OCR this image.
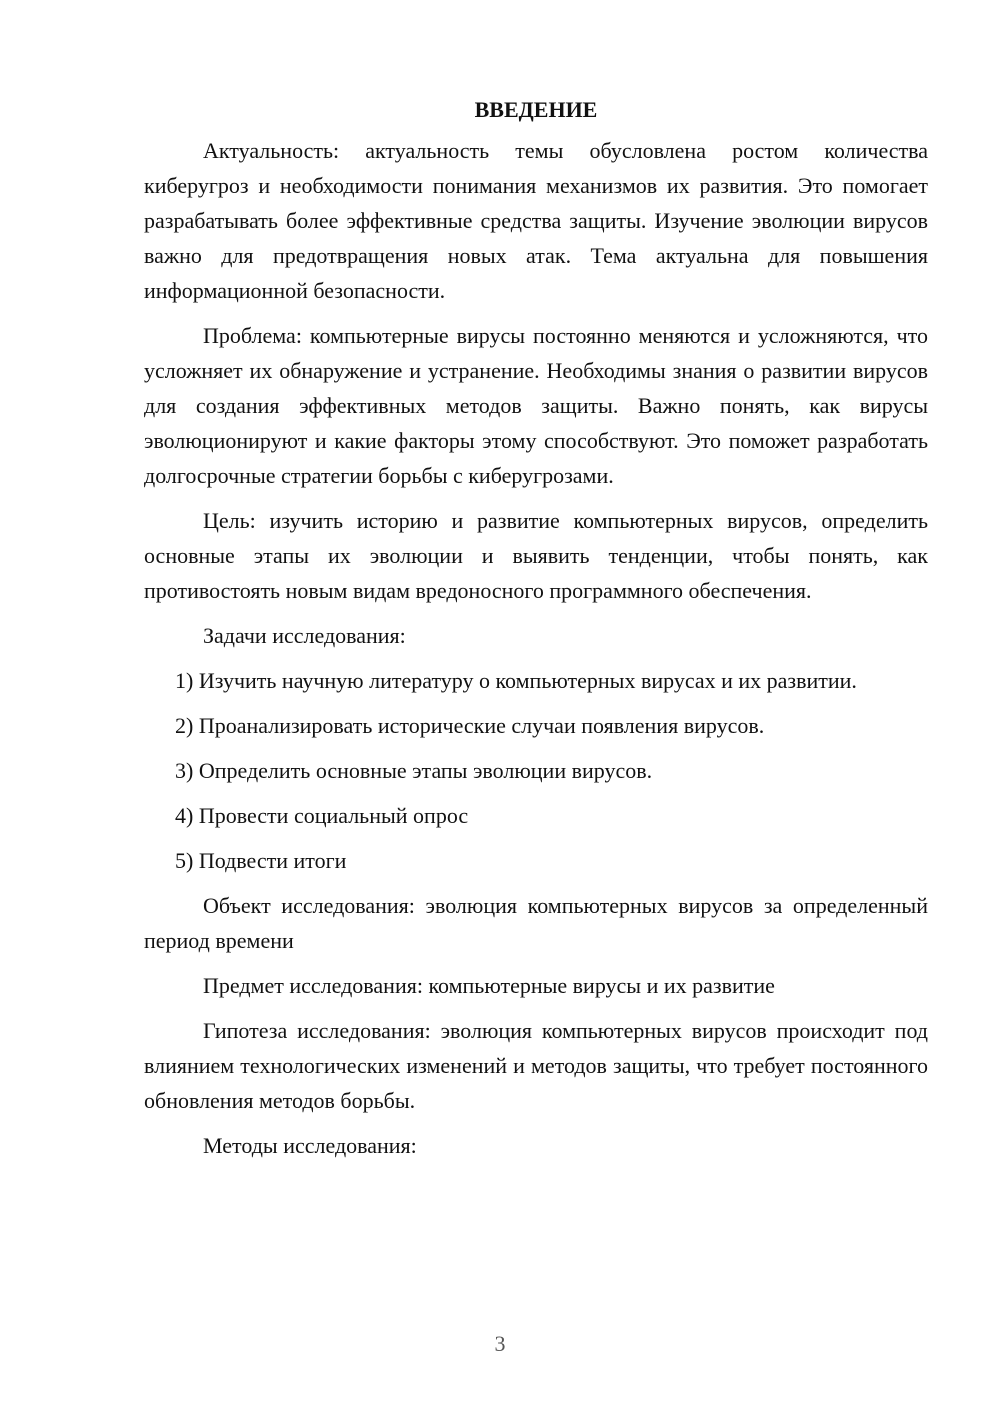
ВВЕДЕНИЕ

Актуальность: актуальность темы обусловлена ростом количества киберугроз и необходимости понимания механизмов их развития. Это помогает разрабатывать более эффективные средства защиты. Изучение эволюции вирусов важно для предотвращения новых атак. Тема актуальна для повышения информационной безопасности.

Проблема: компьютерные вирусы постоянно меняются и усложняются, что усложняет их обнаружение и устранение. Необходимы знания о развитии вирусов для создания эффективных методов защиты. Важно понять, как вирусы эволюционируют и какие факторы этому способствуют. Это поможет разработать долгосрочные стратегии борьбы с киберугрозами.

Цель: изучить историю и развитие компьютерных вирусов, определить основные этапы их эволюции и выявить тенденции, чтобы понять, как противостоять новым видам вредоносного программного обеспечения.

Задачи исследования:

1) Изучить научную литературу о компьютерных вирусах и их развитии.

2) Проанализировать исторические случаи появления вирусов.

3) Определить основные этапы эволюции вирусов.

4) Провести социальный опрос

5) Подвести итоги

Объект исследования: эволюция компьютерных вирусов за определенный период времени

Предмет исследования: компьютерные вирусы и их развитие

Гипотеза исследования: эволюция компьютерных вирусов происходит под влиянием технологических изменений и методов защиты, что требует постоянного обновления методов борьбы.

Методы исследования:

3
